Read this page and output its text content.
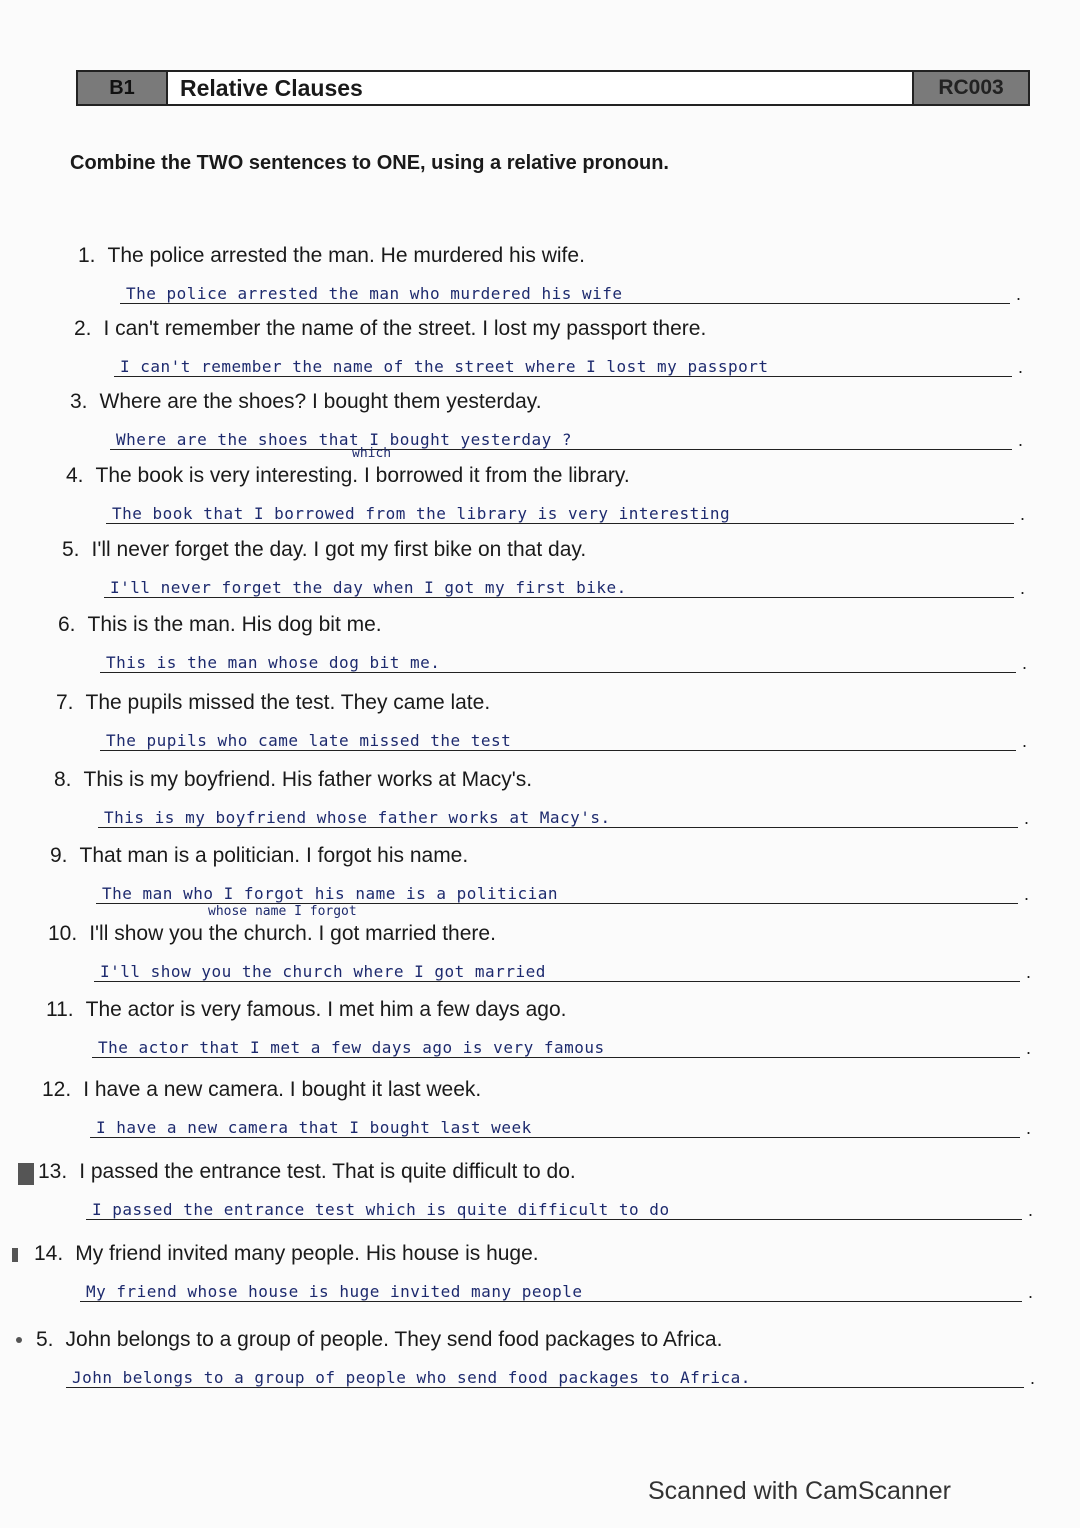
B1	Relative Clauses	RC003
Combine the TWO sentences to ONE, using a relative pronoun.
1. The police arrested the man. He murdered his wife.
The police arrested the man who murdered his wife	.
2. I can't remember the name of the street. I lost my passport there.
I can't remember the name of the street where I lost my passport	.
3. Where are the shoes? I bought them yesterday.
Where are the shoes that I bought yesterday ?	.
which
4. The book is very interesting. I borrowed it from the library.
The book that I borrowed from the library is very interesting	.
5. I'll never forget the day. I got my first bike on that day.
I'll never forget the day when I got my first bike.	.
6. This is the man. His dog bit me.
This is the man whose dog bit me.	.
7. The pupils missed the test. They came late.
The pupils who came late missed the test	.
8. This is my boyfriend. His father works at Macy's.
This is my boyfriend whose father works at Macy's.	.
9. That man is a politician. I forgot his name.
The man who I forgot his name is a politician	.
whose name I forgot
10. I'll show you the church. I got married there.
I'll show you the church where I got married	.
11. The actor is very famous. I met him a few days ago.
The actor that I met a few days ago is very famous	.
12. I have a new camera. I bought it last week.
I have a new camera that I bought last week	.
13. I passed the entrance test. That is quite difficult to do.
I passed the entrance test which is quite difficult to do	.
14. My friend invited many people. His house is huge.
My friend whose house is huge invited many people	.
5. John belongs to a group of people. They send food packages to Africa.
John belongs to a group of people who send food packages to Africa.	.
Scanned with CamScanner
